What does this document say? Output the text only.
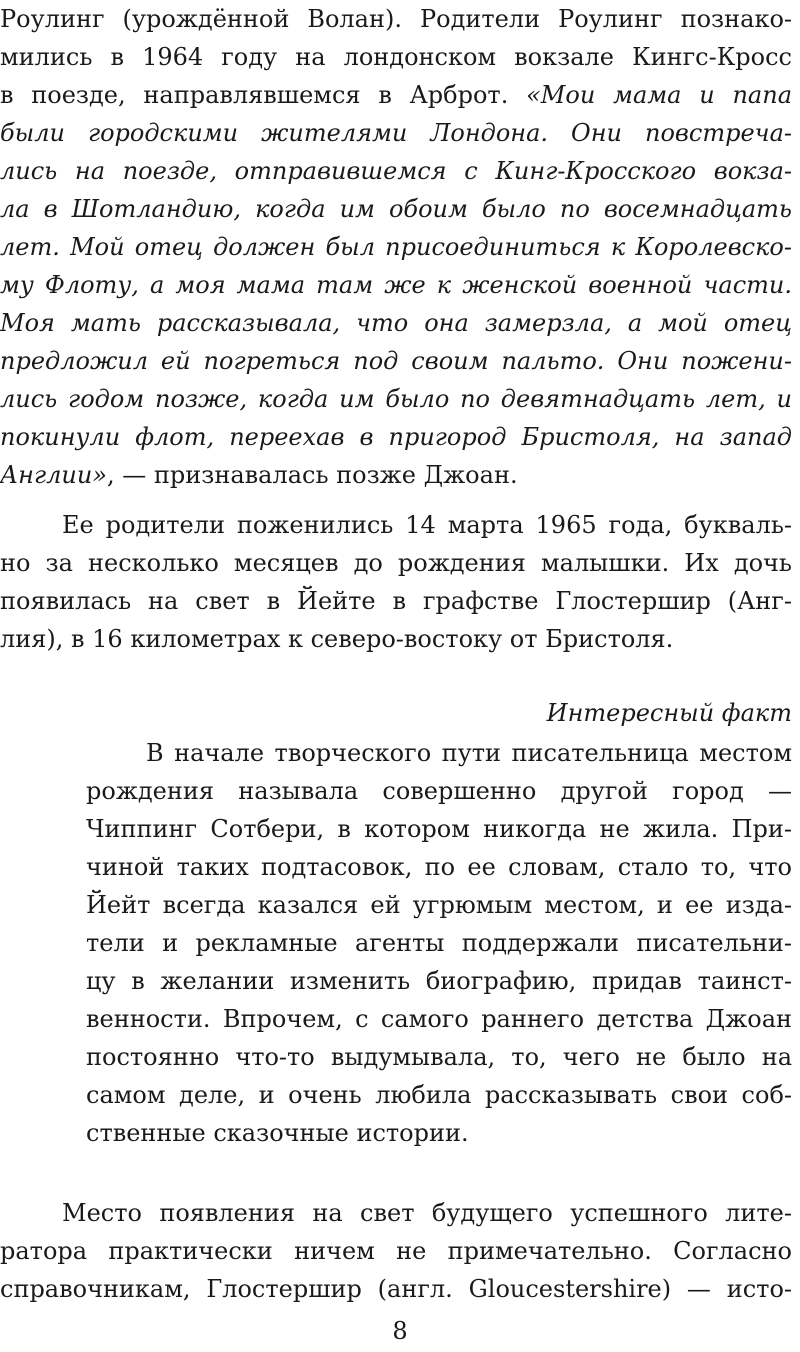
Роулинг (урождённой Волан). Родители Роулинг познако-
мились в 1964 году на лондонском вокзале Кингс-Кросс
в поезде, направлявшемся в Арброт. «Мои мама и папа
были городскими жителями Лондона. Они повстреча-
лись на поезде, отправившемся с Кинг-Кросского вокза-
ла в Шотландию, когда им обоим было по восемнадцать
лет. Мой отец должен был присоединиться к Королевско-
му Флоту, а моя мама там же к женской военной части.
Моя мать рассказывала, что она замерзла, а мой отец
предложил ей погреться под своим пальто. Они пожени-
лись годом позже, когда им было по девятнадцать лет, и
покинули флот, переехав в пригород Бристоля, на запад
Англии», — признавалась позже Джоан.
Ее родители поженились 14 марта 1965 года, букваль-
но за несколько месяцев до рождения малышки. Их дочь
появилась на свет в Йейте в графстве Глостершир (Анг-
лия), в 16 километрах к северо-востоку от Бристоля.
Интересный факт
В начале творческого пути писательница местом
рождения называла совершенно другой город —
Чиппинг Сотбери, в котором никогда не жила. При-
чиной таких подтасовок, по ее словам, стало то, что
Йейт всегда казался ей угрюмым местом, и ее изда-
тели и рекламные агенты поддержали писательни-
цу в желании изменить биографию, придав таинст-
венности. Впрочем, с самого раннего детства Джоан
постоянно что-то выдумывала, то, чего не было на
самом деле, и очень любила рассказывать свои соб-
ственные сказочные истории.
Место появления на свет будущего успешного лите-
ратора практически ничем не примечательно. Согласно
справочникам, Глостершир (англ. Gloucestershire) — исто-
8
